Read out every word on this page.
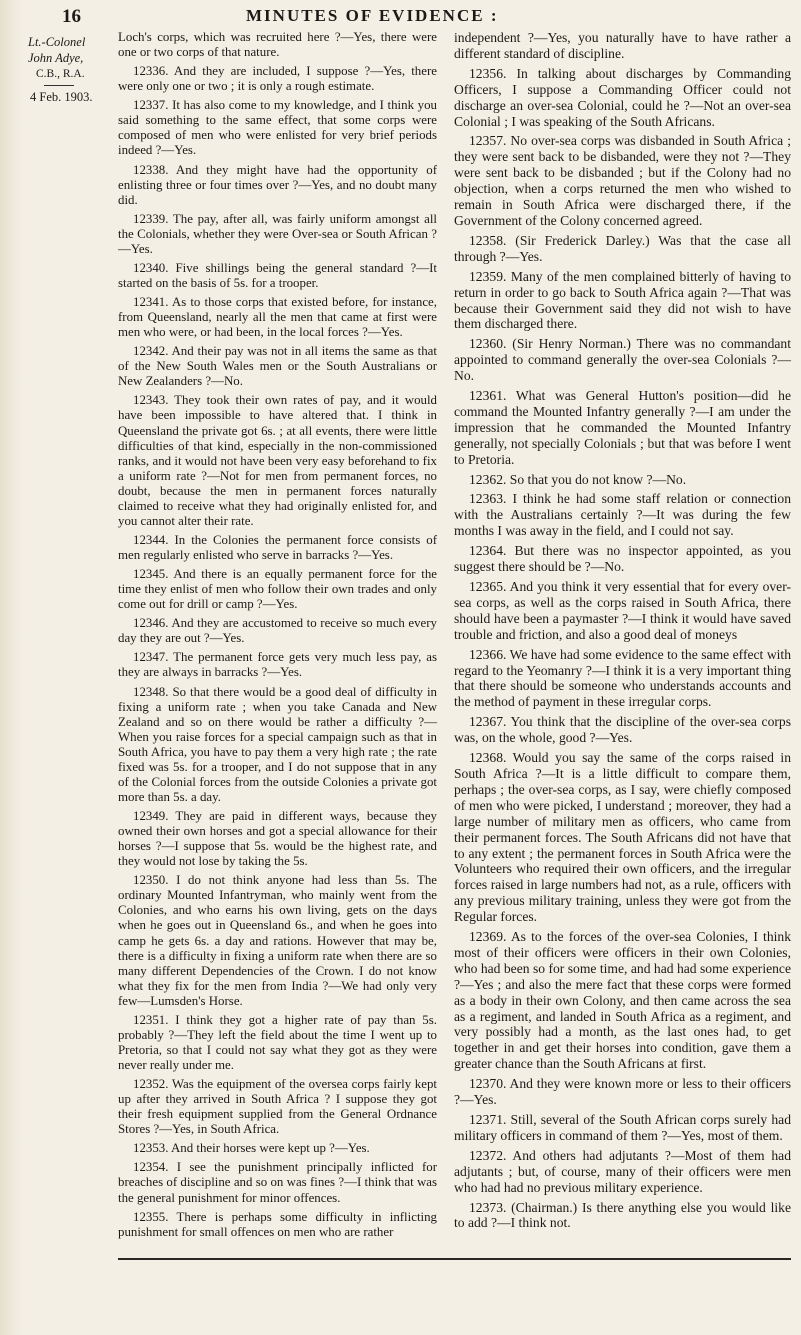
16	MINUTES OF EVIDENCE :
Lt.-Colonel
John Adye,
C.B., R.A.
4 Feb. 1903.

Loch's corps, which was recruited here ?—Yes, there were one or two corps of that nature.

12336. And they are included, I suppose ?—Yes, there were only one or two ; it is only a rough estimate.

12337. It has also come to my knowledge, and I think you said something to the same effect, that some corps were composed of men who were enlisted for very brief periods indeed ?—Yes.

12338. And they might have had the opportunity of enlisting three or four times over ?—Yes, and no doubt many did.

12339. The pay, after all, was fairly uniform amongst all the Colonials, whether they were Over-sea or South African ?—Yes.

12340. Five shillings being the general standard ?—It started on the basis of 5s. for a trooper.

12341. As to those corps that existed before, for instance, from Queensland, nearly all the men that came at first were men who were, or had been, in the local forces ?—Yes.

12342. And their pay was not in all items the same as that of the New South Wales men or the South Australians or New Zealanders ?—No.

12343. They took their own rates of pay, and it would have been impossible to have altered that. I think in Queensland the private got 6s. ; at all events, there were little difficulties of that kind, especially in the non-commissioned ranks, and it would not have been very easy beforehand to fix a uniform rate ?—Not for men from permanent forces, no doubt, because the men in permanent forces naturally claimed to receive what they had originally enlisted for, and you cannot alter their rate.

12344. In the Colonies the permanent force consists of men regularly enlisted who serve in barracks ?—Yes.

12345. And there is an equally permanent force for the time they enlist of men who follow their own trades and only come out for drill or camp ?—Yes.

12346. And they are accustomed to receive so much every day they are out ?—Yes.

12347. The permanent force gets very much less pay, as they are always in barracks ?—Yes.

12348. So that there would be a good deal of difficulty in fixing a uniform rate ; when you take Canada and New Zealand and so on there would be rather a difficulty ?—When you raise forces for a special campaign such as that in South Africa, you have to pay them a very high rate ; the rate fixed was 5s. for a trooper, and I do not suppose that in any of the Colonial forces from the outside Colonies a private got more than 5s. a day.

12349. They are paid in different ways, because they owned their own horses and got a special allowance for their horses ?—I suppose that 5s. would be the highest rate, and they would not lose by taking the 5s.

12350. I do not think anyone had less than 5s. The ordinary Mounted Infantryman, who mainly went from the Colonies, and who earns his own living, gets on the days when he goes out in Queensland 6s., and when he goes into camp he gets 6s. a day and rations. However that may be, there is a difficulty in fixing a uniform rate when there are so many different Dependencies of the Crown. I do not know what they fix for the men from India ?—We had only very few—Lumsden's Horse.

12351. I think they got a higher rate of pay than 5s. probably ?—They left the field about the time I went up to Pretoria, so that I could not say what they got as they were never really under me.

12352. Was the equipment of the oversea corps fairly kept up after they arrived in South Africa ? I suppose they got their fresh equipment supplied from the General Ordnance Stores ?—Yes, in South Africa.

12353. And their horses were kept up ?—Yes.

12354. I see the punishment principally inflicted for breaches of discipline and so on was fines ?—I think that was the general punishment for minor offences.

12355. There is perhaps some difficulty in inflicting punishment for small offences on men who are rather

independent ?—Yes, you naturally have to have rather a different standard of discipline.

12356. In talking about discharges by Commanding Officers, I suppose a Commanding Officer could not discharge an over-sea Colonial, could he ?—Not an over-sea Colonial ; I was speaking of the South Africans.

12357. No over-sea corps was disbanded in South Africa ; they were sent back to be disbanded, were they not ?—They were sent back to be disbanded ; but if the Colony had no objection, when a corps returned the men who wished to remain in South Africa were discharged there, if the Government of the Colony concerned agreed.

12358. (Sir Frederick Darley.) Was that the case all through ?—Yes.

12359. Many of the men complained bitterly of having to return in order to go back to South Africa again ?—That was because their Government said they did not wish to have them discharged there.

12360. (Sir Henry Norman.) There was no commandant appointed to command generally the over-sea Colonials ?—No.

12361. What was General Hutton's position—did he command the Mounted Infantry generally ?—I am under the impression that he commanded the Mounted Infantry generally, not specially Colonials ; but that was before I went to Pretoria.

12362. So that you do not know ?—No.

12363. I think he had some staff relation or connection with the Australians certainly ?—It was during the few months I was away in the field, and I could not say.

12364. But there was no inspector appointed, as you suggest there should be ?—No.

12365. And you think it very essential that for every over-sea corps, as well as the corps raised in South Africa, there should have been a paymaster ?—I think it would have saved trouble and friction, and also a good deal of moneys

12366. We have had some evidence to the same effect with regard to the Yeomanry ?—I think it is a very important thing that there should be someone who understands accounts and the method of payment in these irregular corps.

12367. You think that the discipline of the over-sea corps was, on the whole, good ?—Yes.

12368. Would you say the same of the corps raised in South Africa ?—It is a little difficult to compare them, perhaps ; the over-sea corps, as I say, were chiefly composed of men who were picked, I understand ; moreover, they had a large number of military men as officers, who came from their permanent forces. The South Africans did not have that to any extent ; the permanent forces in South Africa were the Volunteers who required their own officers, and the irregular forces raised in large numbers had not, as a rule, officers with any previous military training, unless they were got from the Regular forces.

12369. As to the forces of the over-sea Colonies, I think most of their officers were officers in their own Colonies, who had been so for some time, and had had some experience ?—Yes ; and also the mere fact that these corps were formed as a body in their own Colony, and then came across the sea as a regiment, and landed in South Africa as a regiment, and very possibly had a month, as the last ones had, to get together in and get their horses into condition, gave them a greater chance than the South Africans at first.

12370. And they were known more or less to their officers ?—Yes.

12371. Still, several of the South African corps surely had military officers in command of them ?—Yes, most of them.

12372. And others had adjutants ?—Most of them had adjutants ; but, of course, many of their officers were men who had had no previous military experience.

12373. (Chairman.) Is there anything else you would like to add ?—I think not.
